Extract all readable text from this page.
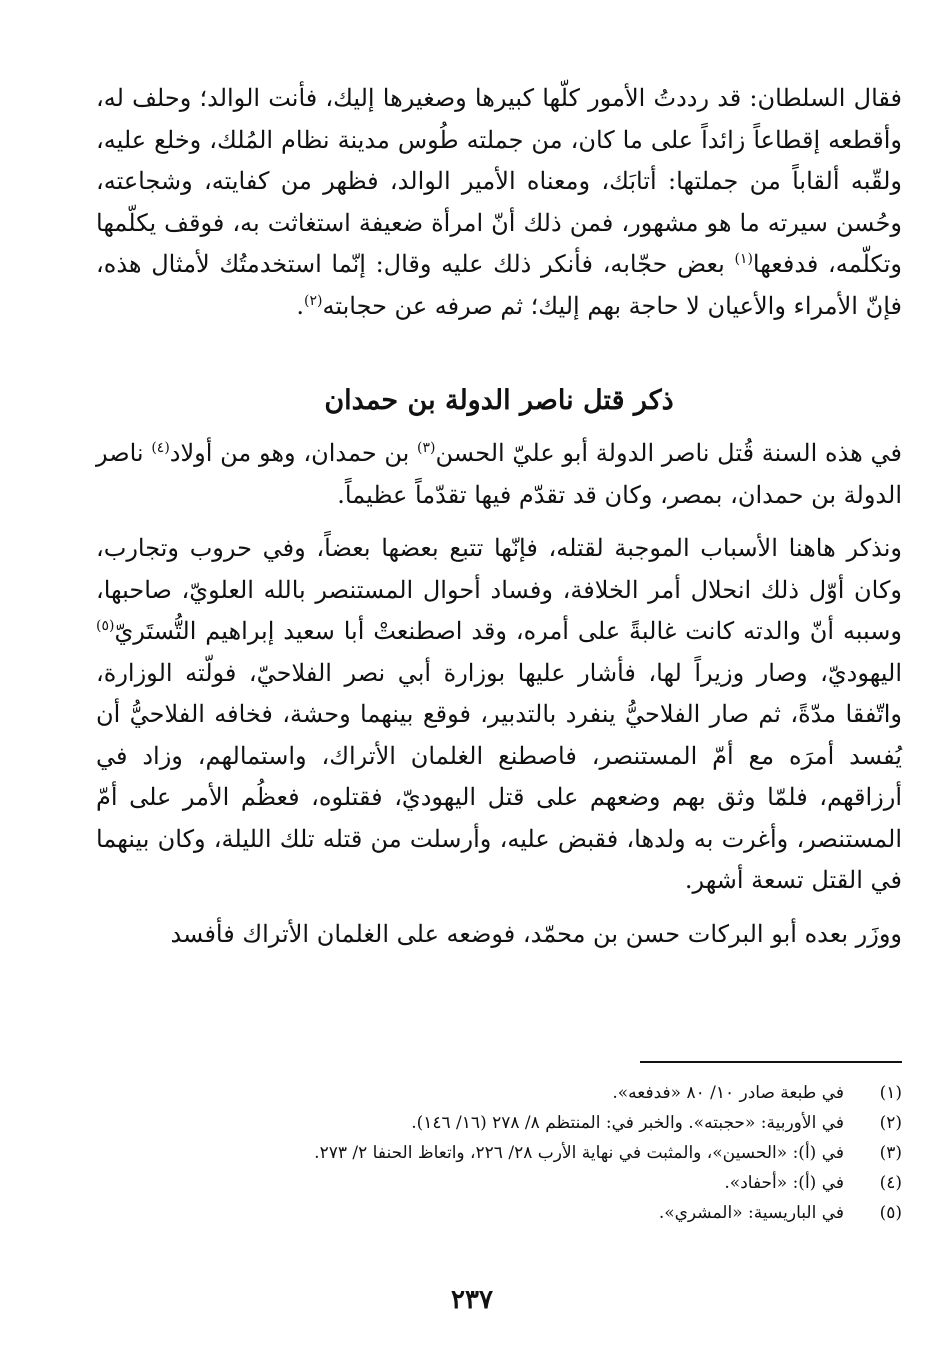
فقال السلطان: قد رددتُ الأمور كلّها كبيرها وصغيرها إليك، فأنت الوالد؛ وحلف له، وأقطعه إقطاعاً زائداً على ما كان، من جملته طُوس مدينة نظام المُلك، وخلع عليه، ولقّبه ألقاباً من جملتها: أتابَك، ومعناه الأمير الوالد، فظهر من كفايته، وشجاعته، وحُسن سيرته ما هو مشهور، فمن ذلك أنّ امرأة ضعيفة استغاثت به، فوقف يكلّمها وتكلّمه، فدفعها$^{(١)}$ بعض حجّابه، فأنكر ذلك عليه وقال: إنّما استخدمتُك لأمثال هذه، فإنّ الأمراء والأعيان لا حاجة بهم إليك؛ ثم صرفه عن حجابته$^{(٢)}$.

ذكر قتل ناصر الدولة بن حمدان

في هذه السنة قُتل ناصر الدولة أبو عليّ الحسن$^{(٣)}$ بن حمدان، وهو من أولاد$^{(٤)}$ ناصر الدولة بن حمدان، بمصر، وكان قد تقدّم فيها تقدّماً عظيماً.

ونذكر هاهنا الأسباب الموجبة لقتله، فإنّها تتبع بعضها بعضاً، وفي حروب وتجارب، وكان أوّل ذلك انحلال أمر الخلافة، وفساد أحوال المستنصر بالله العلويّ، صاحبها، وسببه أنّ والدته كانت غالبةً على أمره، وقد اصطنعتْ أبا سعيد إبراهيم التُّستَريّ$^{(٥)}$ اليهوديّ، وصار وزيراً لها، فأشار عليها بوزارة أبي نصر الفلاحيّ، فولّته الوزارة، واتّفقا مدّةً، ثم صار الفلاحيُّ ينفرد بالتدبير، فوقع بينهما وحشة، فخافه الفلاحيُّ أن يُفسد أمرَه مع أمّ المستنصر، فاصطنع الغلمان الأتراك، واستمالهم، وزاد في أرزاقهم، فلمّا وثق بهم وضعهم على قتل اليهوديّ، فقتلوه، فعظُم الأمر على أمّ المستنصر، وأغرت به ولدها، فقبض عليه، وأرسلت من قتله تلك الليلة، وكان بينهما في القتل تسعة أشهر.

ووزَر بعده أبو البركات حسن بن محمّد، فوضعه على الغلمان الأتراك فأفسد

(١)
في طبعة صادر ١٠/ ٨٠ «فدفعه».
(٢)
في الأوربية: «حجبته». والخبر في: المنتظم ٨/ ٢٧٨ (١٦/ ١٤٦).
(٣)
في (أ): «الحسين»، والمثبت في نهاية الأرب ٢٨/ ٢٢٦، واتعاظ الحنفا ٢/ ٢٧٣.
(٤)
في (أ): «أحفاد».
(٥)
في الباريسية: «المشري».
٢٣٧
